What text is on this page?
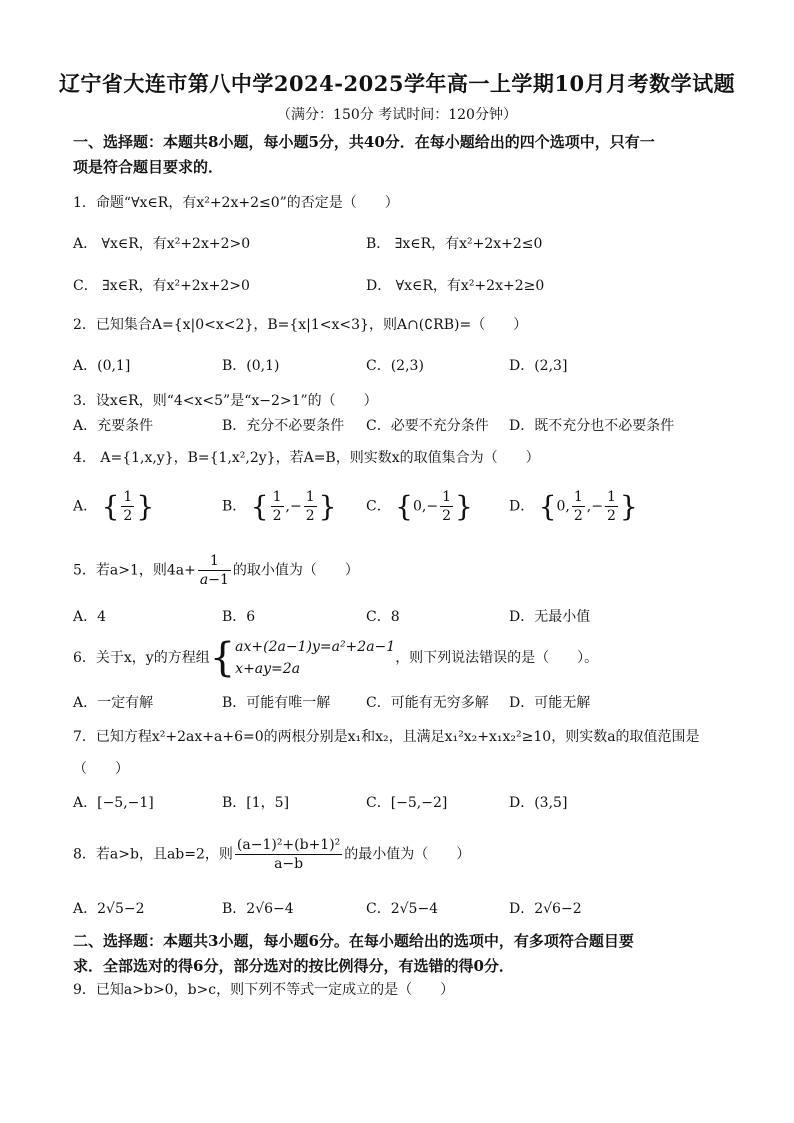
辽宁省大连市第八中学2024-2025学年高一上学期10月月考数学试题
（满分：150分 考试时间：120分钟）
一、选择题：本题共8小题，每小题5分，共40分．在每小题给出的四个选项中，只有一
项是符合题目要求的．
1．命题“∀x∈R，有x²+2x+2≤0”的否定是（　　）
A． ∀x∈R，有x²+2x+2>0	B． ∃x∈R，有x²+2x+2≤0
C． ∃x∈R，有x²+2x+2>0	D． ∀x∈R，有x²+2x+2≥0
2．已知集合A={x|0<x<2}，B={x|1<x<3}，则A∩(∁RB)=（　　）
A．(0,1]	B．(0,1)	C．(2,3)	D．(2,3]
3．设x∈R，则“4<x<5”是“x−2>1”的（　　）
A．充要条件	B．充分不必要条件 C．必要不充分条件 D．既不充分也不必要条件
4． A={1,x,y}，B={1,x²,2y}，若A=B，则实数x的取值集合为（　　）
A． { $\frac{1}{2}$ }	B． { $\frac{1}{2}$ ,− $\frac{1}{2}$ } C． {$0,- \frac{1}{2}$ }	D． {0, $\frac{1}{2}$ ,− $\frac{1}{2}$ }
5．若a>1，则$4a+ \frac{1}{a-1}$ 的取小值为（　　）
A．4	B．6	C．8	D．无最小值
6．关于x，y的方程组{ ax+(2a−1)y=a²+2a−1
x+ay=2a
，则下列说法错误的是（　　）。
A．一定有解	B．可能有唯一解	C．可能有无穷多解 D．可能无解
7．已知方程x²+2ax+a+6=0的两根分别是x₁和x₂，且满足x₁²x₂+x₁x₂²≥10，则实数a的取值范围是
（　　）
A．[−5,−1]	B．[1，5]	C．[−5,−2]	D．(3,5]
8．若a>b，且ab=2，则 $\frac{\text{(a−1)²+(b+1)²}}{a-b}$ 的最小值为（　　）
A．2√5−2	B．2√6−4	C．2√5−4	D．2√6−2
二、选择题：本题共3小题，每小题6分。在每小题给出的选项中，有多项符合题目要
求．全部选对的得6分，部分选对的按比例得分，有选错的得0分．
9．已知a>b>0，b>c，则下列不等式一定成立的是（　　）
